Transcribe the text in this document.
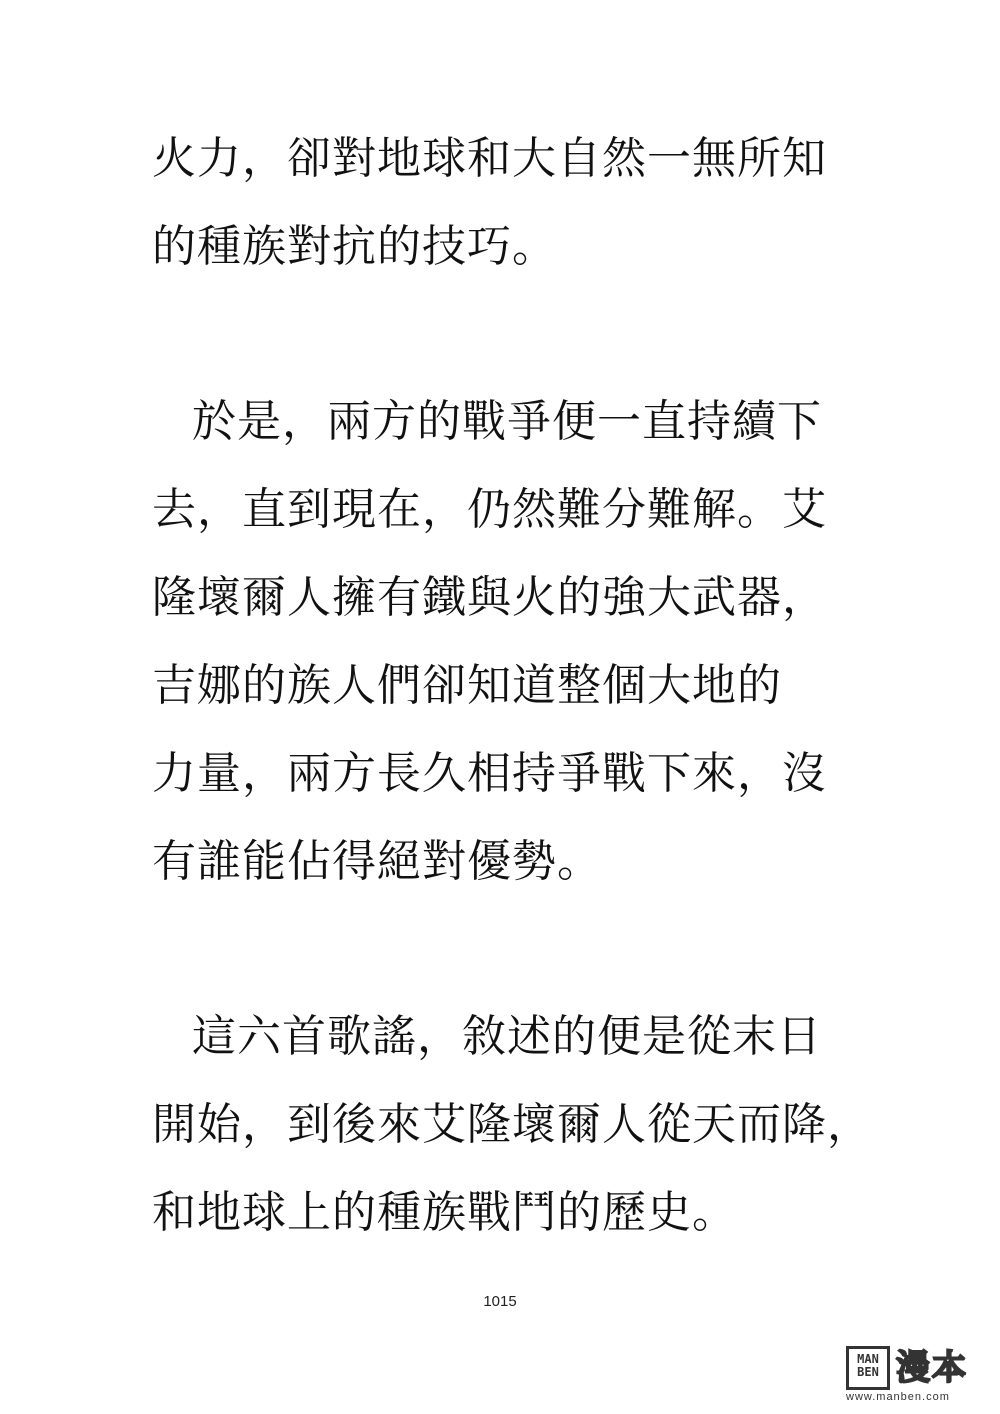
火力，卻對地球和大自然一無所知
的種族對抗的技巧。
於是，兩方的戰爭便一直持續下
去，直到現在，仍然難分難解。艾
隆壞爾人擁有鐵與火的強大武器，
吉娜的族人們卻知道整個大地的
力量，兩方長久相持爭戰下來，沒
有誰能佔得絕對優勢。
這六首歌謠，敘述的便是從末日
開始，到後來艾隆壞爾人從天而降，
和地球上的種族戰鬥的歷史。
1015
MAN
BEN 漫本
www.manben.com
